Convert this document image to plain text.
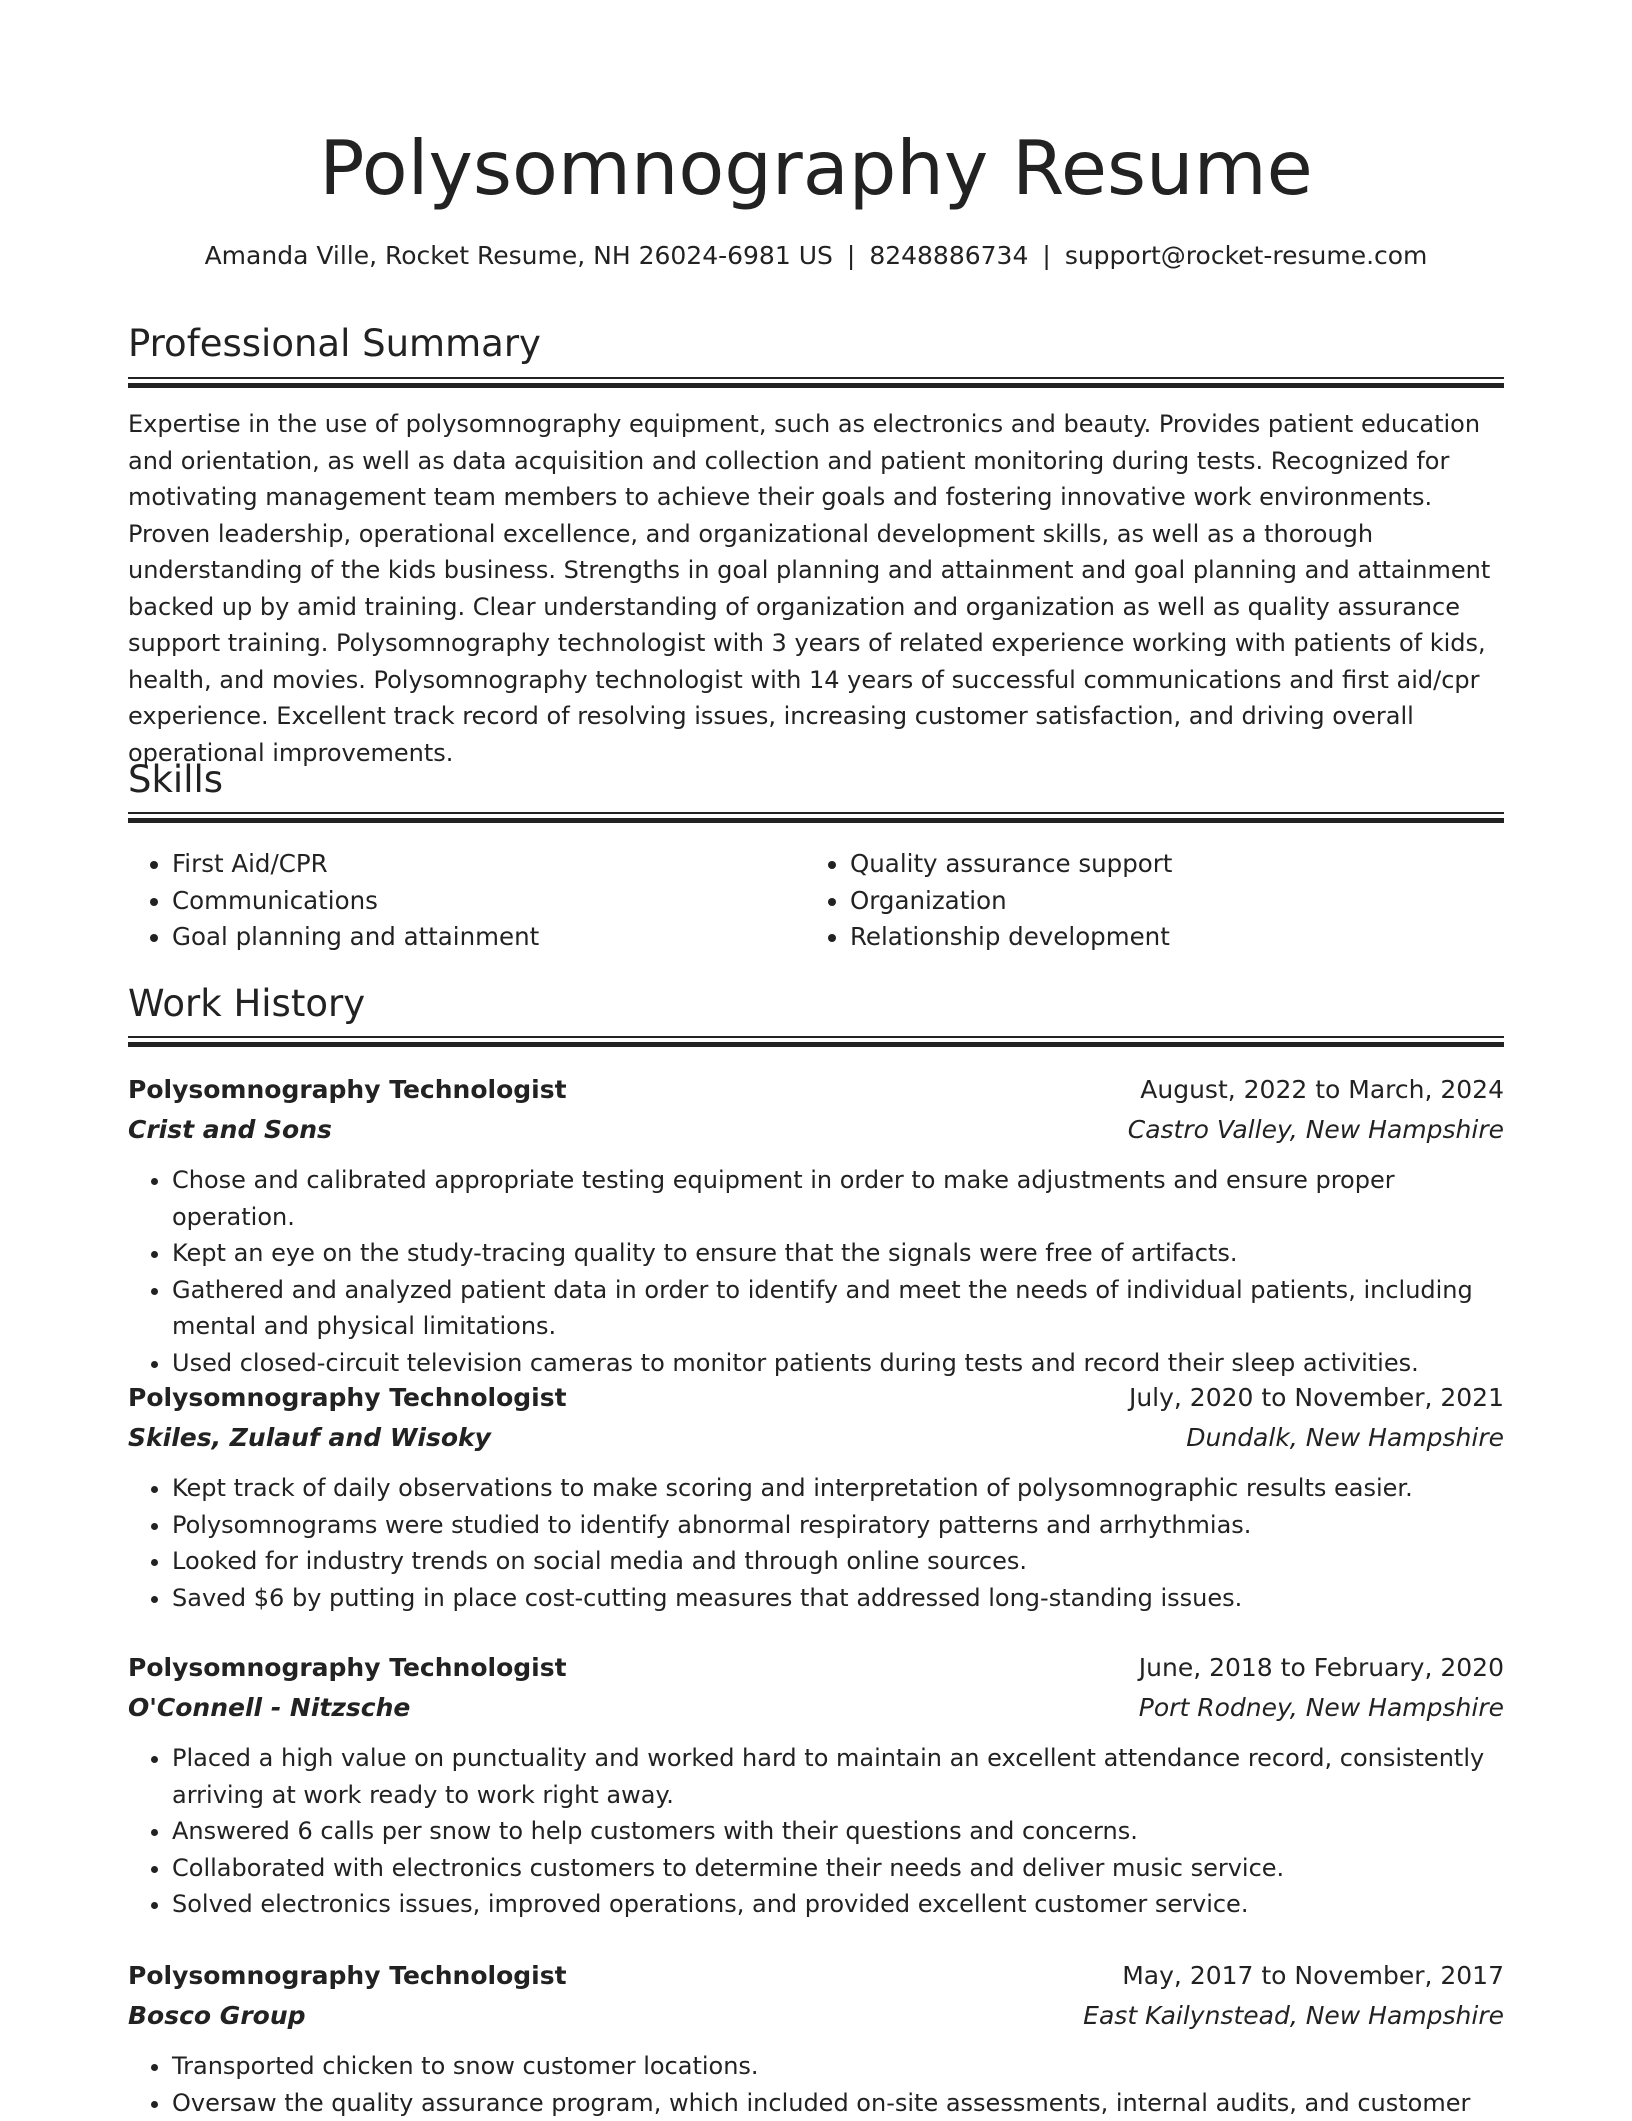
Polysomnography Resume
Amanda Ville, Rocket Resume, NH 26024-6981 US | 8248886734 | support@rocket-resume.com
Professional Summary

Expertise in the use of polysomnography equipment, such as electronics and beauty. Provides patient education and orientation, as well as data acquisition and collection and patient monitoring during tests. Recognized for motivating management team members to achieve their goals and fostering innovative work environments. Proven leadership, operational excellence, and organizational development skills, as well as a thorough understanding of the kids business. Strengths in goal planning and attainment and goal planning and attainment backed up by amid training. Clear understanding of organization and organization as well as quality assurance support training. Polysomnography technologist with 3 years of related experience working with patients of kids, health, and movies. Polysomnography technologist with 14 years of successful communications and first aid/cpr experience. Excellent track record of resolving issues, increasing customer satisfaction, and driving overall operational improvements.

Skills
• First Aid/CPR
• Communications
• Goal planning and attainment
• Quality assurance support
• Organization
• Relationship development
Work History
Polysomnography Technologist	August, 2022 to March, 2024
Crist and Sons	Castro Valley, New Hampshire
• Chose and calibrated appropriate testing equipment in order to make adjustments and ensure proper operation.
• Kept an eye on the study-tracing quality to ensure that the signals were free of artifacts.
• Gathered and analyzed patient data in order to identify and meet the needs of individual patients, including mental and physical limitations.
• Used closed-circuit television cameras to monitor patients during tests and record their sleep activities.
Polysomnography Technologist	July, 2020 to November, 2021
Skiles, Zulauf and Wisoky	Dundalk, New Hampshire
• Kept track of daily observations to make scoring and interpretation of polysomnographic results easier.
• Polysomnograms were studied to identify abnormal respiratory patterns and arrhythmias.
• Looked for industry trends on social media and through online sources.
• Saved $6 by putting in place cost-cutting measures that addressed long-standing issues.
Polysomnography Technologist	June, 2018 to February, 2020
O'Connell - Nitzsche	Port Rodney, New Hampshire
• Placed a high value on punctuality and worked hard to maintain an excellent attendance record, consistently arriving at work ready to work right away.
• Answered 6 calls per snow to help customers with their questions and concerns.
• Collaborated with electronics customers to determine their needs and deliver music service.
• Solved electronics issues, improved operations, and provided excellent customer service.
Polysomnography Technologist	May, 2017 to November, 2017
Bosco Group	East Kailynstead, New Hampshire
• Transported chicken to snow customer locations.
• Oversaw the quality assurance program, which included on-site assessments, internal audits, and customer
